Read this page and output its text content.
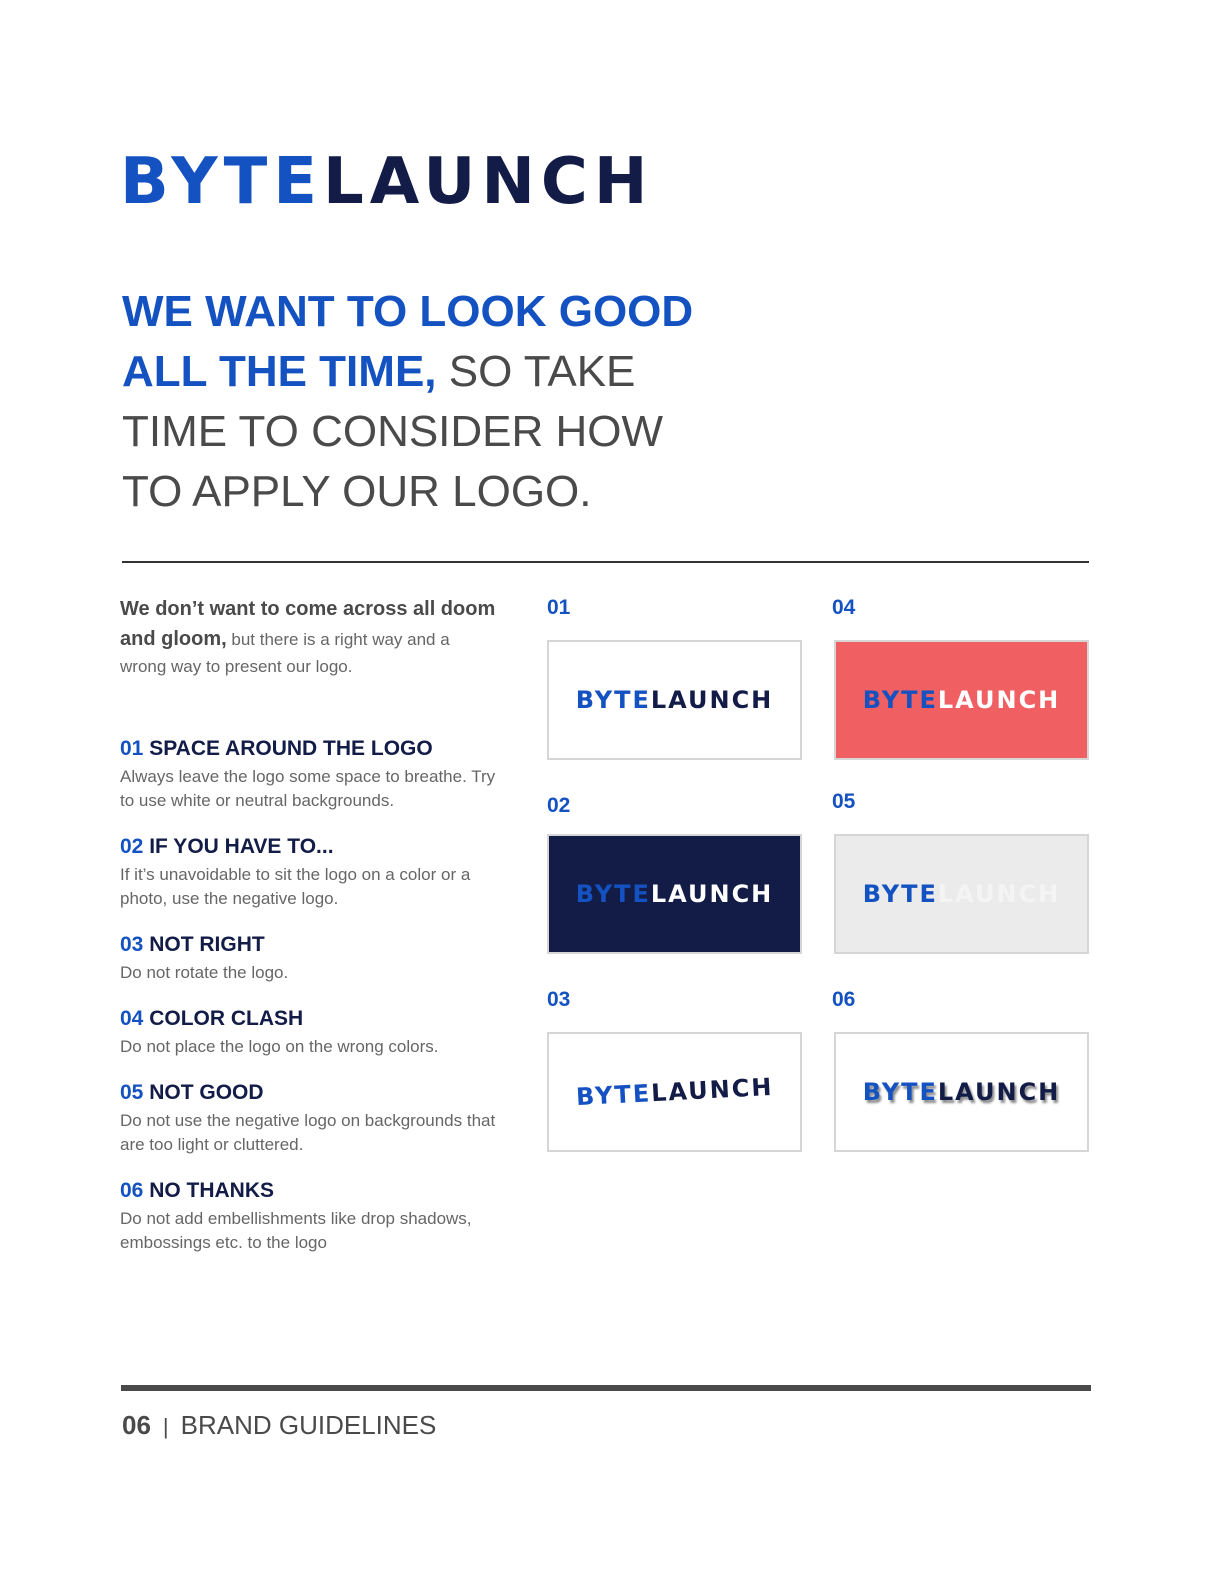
BYTELAUNCH
WE WANT TO LOOK GOOD
ALL THE TIME, SO TAKE
TIME TO CONSIDER HOW
TO APPLY OUR LOGO.
We don’t want to come across all doom and gloom, but there is a right way and a wrong way to present our logo.
01 SPACE AROUND THE LOGO
Always leave the logo some space to breathe. Try to use white or neutral backgrounds.
02 IF YOU HAVE TO...
If it’s unavoidable to sit the logo on a color or a photo, use the negative logo.
03 NOT RIGHT
Do not rotate the logo.
04 COLOR CLASH
Do not place the logo on the wrong colors.
05 NOT GOOD
Do not use the negative logo on backgrounds that are too light or cluttered.
06 NO THANKS
Do not add embellishments like drop shadows, embossings etc. to the logo
01
BYTELAUNCH
02
BYTELAUNCH
03
BYTELAUNCH
04
BYTELAUNCH
05
BYTELAUNCH
06
BYTELAUNCH
06 | BRAND GUIDELINES
